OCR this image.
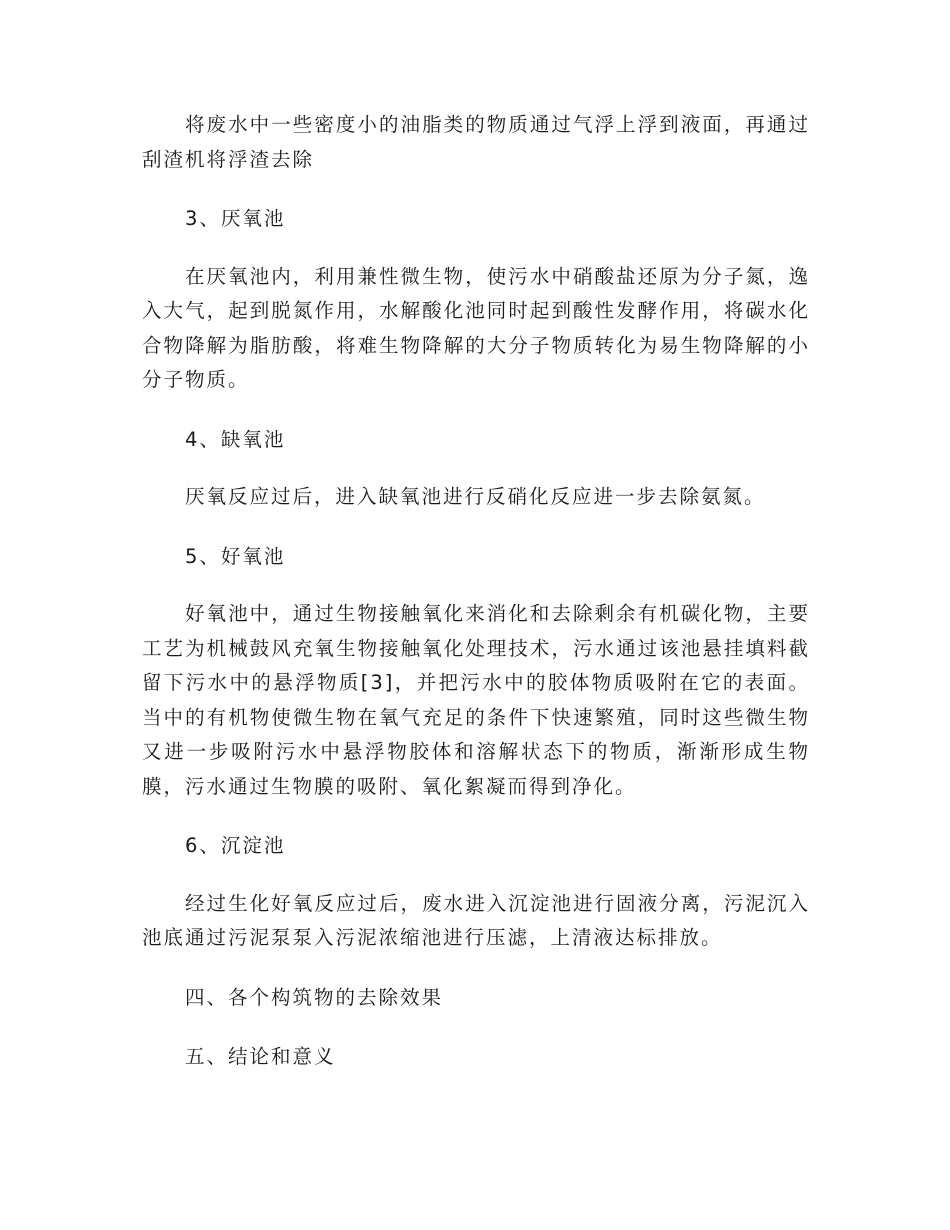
将废水中一些密度小的油脂类的物质通过气浮上浮到液面，再通过刮渣机将浮渣去除

3、厌氧池

在厌氧池内，利用兼性微生物，使污水中硝酸盐还原为分子氮，逸入大气，起到脱氮作用，水解酸化池同时起到酸性发酵作用，将碳水化合物降解为脂肪酸，将难生物降解的大分子物质转化为易生物降解的小分子物质。

4、缺氧池

厌氧反应过后，进入缺氧池进行反硝化反应进一步去除氨氮。

5、好氧池

好氧池中，通过生物接触氧化来消化和去除剩余有机碳化物，主要工艺为机械鼓风充氧生物接触氧化处理技术，污水通过该池悬挂填料截留下污水中的悬浮物质[3]，并把污水中的胶体物质吸附在它的表面。当中的有机物使微生物在氧气充足的条件下快速繁殖，同时这些微生物又进一步吸附污水中悬浮物胶体和溶解状态下的物质，渐渐形成生物膜，污水通过生物膜的吸附、氧化絮凝而得到净化。

6、沉淀池

经过生化好氧反应过后，废水进入沉淀池进行固液分离，污泥沉入池底通过污泥泵泵入污泥浓缩池进行压滤，上清液达标排放。

四、各个构筑物的去除效果

五、结论和意义
